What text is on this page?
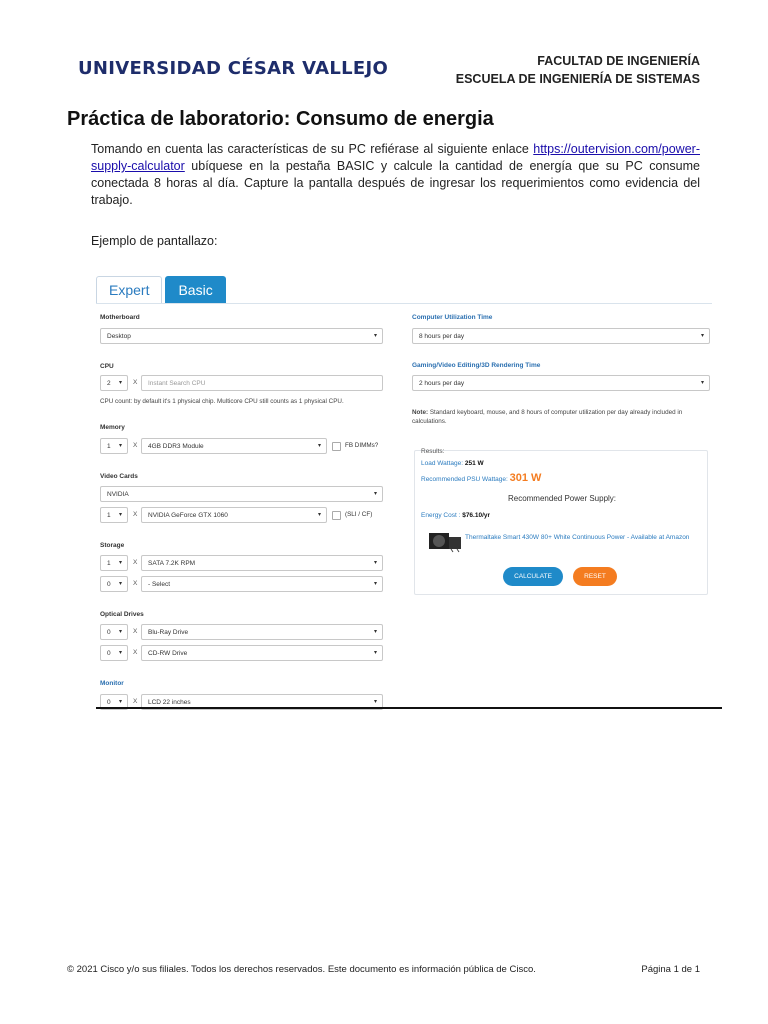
UNIVERSIDAD CÉSAR VALLEJO	FACULTAD DE INGENIERÍA
ESCUELA DE INGENIERÍA DE SISTEMAS
Práctica de laboratorio: Consumo de energia
Tomando en cuenta las características de su PC refiérase al siguiente enlace https://outervision.com/power-supply-calculator ubíquese en la pestaña BASIC y calcule la cantidad de energía que su PC consume conectada 8 horas al día. Capture la pantalla después de ingresar los requerimientos como evidencia del trabajo.
Ejemplo de pantallazo:
Expert	Basic
Motherboard
Desktop	▾
CPU
2 ▾ X Instant Search CPU
CPU count: by default it's 1 physical chip. Multicore CPU still counts as 1 physical CPU.
Memory
1 ▾ X 4GB DDR3 Module	▾	FB DIMMs?
Video Cards
NVIDIA	▾
1 ▾ X NVIDIA GeForce GTX 1060	▾	(SLI / CF)
Storage
1 ▾ X SATA 7.2K RPM	▾
0 ▾ X - Select	▾
Optical Drives
0 ▾ X Blu-Ray Drive	▾
0 ▾ X CD-RW Drive	▾
Monitor
0 ▾ X LCD 22 inches	▾
Computer Utilization Time
8 hours per day	▾
Gaming/Video Editing/3D Rendering Time
2 hours per day	▾
Note: Standard keyboard, mouse, and 8 hours of computer utilization per day already included in calculations.
Results:
Load Wattage: 251 W
Recommended PSU Wattage: 301 W
Recommended Power Supply:
Energy Cost : $76.10/yr
Thermaltake Smart 430W 80+ White Continuous Power - Available at Amazon
CALCULATE	RESET
© 2021 Cisco y/o sus filiales. Todos los derechos reservados. Este documento es información pública de Cisco.	Página 1 de 1
